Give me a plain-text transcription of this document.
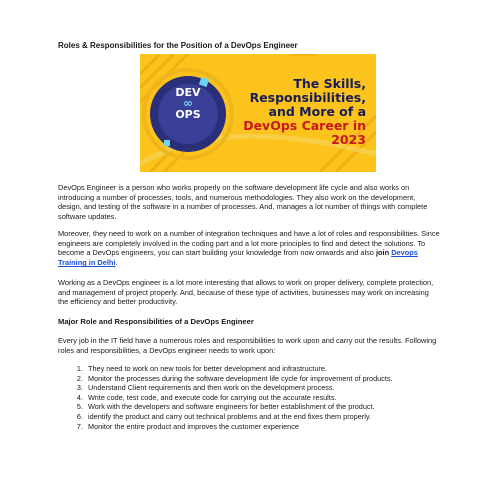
Roles & Responsibilities for the Position of a DevOps Engineer
DEV
∞
OPS
The Skills,
Responsibilities,
and More of a
DevOps Career in
2023

DevOps Engineer is a person who works properly on the software development life cycle and also works on introducing a number of processes, tools, and numerous methodologies. They also work on the development, design, and testing of the software in a number of processes. And, manages a lot number of things with complete software updates.

Moreover, they need to work on a number of integration techniques and have a lot of roles and responsibilities. Since engineers are completely involved in the coding part and a lot more principles to find and detect the solutions. To become a DevOps engineers, you can start building your knowledge from now onwards and also join Devops Training in Delhi.

Working as a DevOps engineer is a lot more interesting that allows to work on proper delivery, complete protection, and management of project properly. And, because of these type of activities, businesses may work on increasing the efficiency and better productivity.

Major Role and Responsibilities of a DevOps Engineer

Every job in the IT field have a numerous roles and responsibilities to work upon and carry out the results. Following roles and responsibilities, a DevOps engineer needs to work upon:

1. They need to work on new tools for better development and infrastructure.
2. Monitor the processes during the software development life cycle for improvement of products.
3. Understand Client requirements and then work on the development process.
4. Write code, test code, and execute code for carrying out the accurate results.
5. Work with the developers and software engineers for better establishment of the product.
6. identify the product and carry out technical problems and at the end fixes them properly.
7. Monitor the entire product and improves the customer experience
